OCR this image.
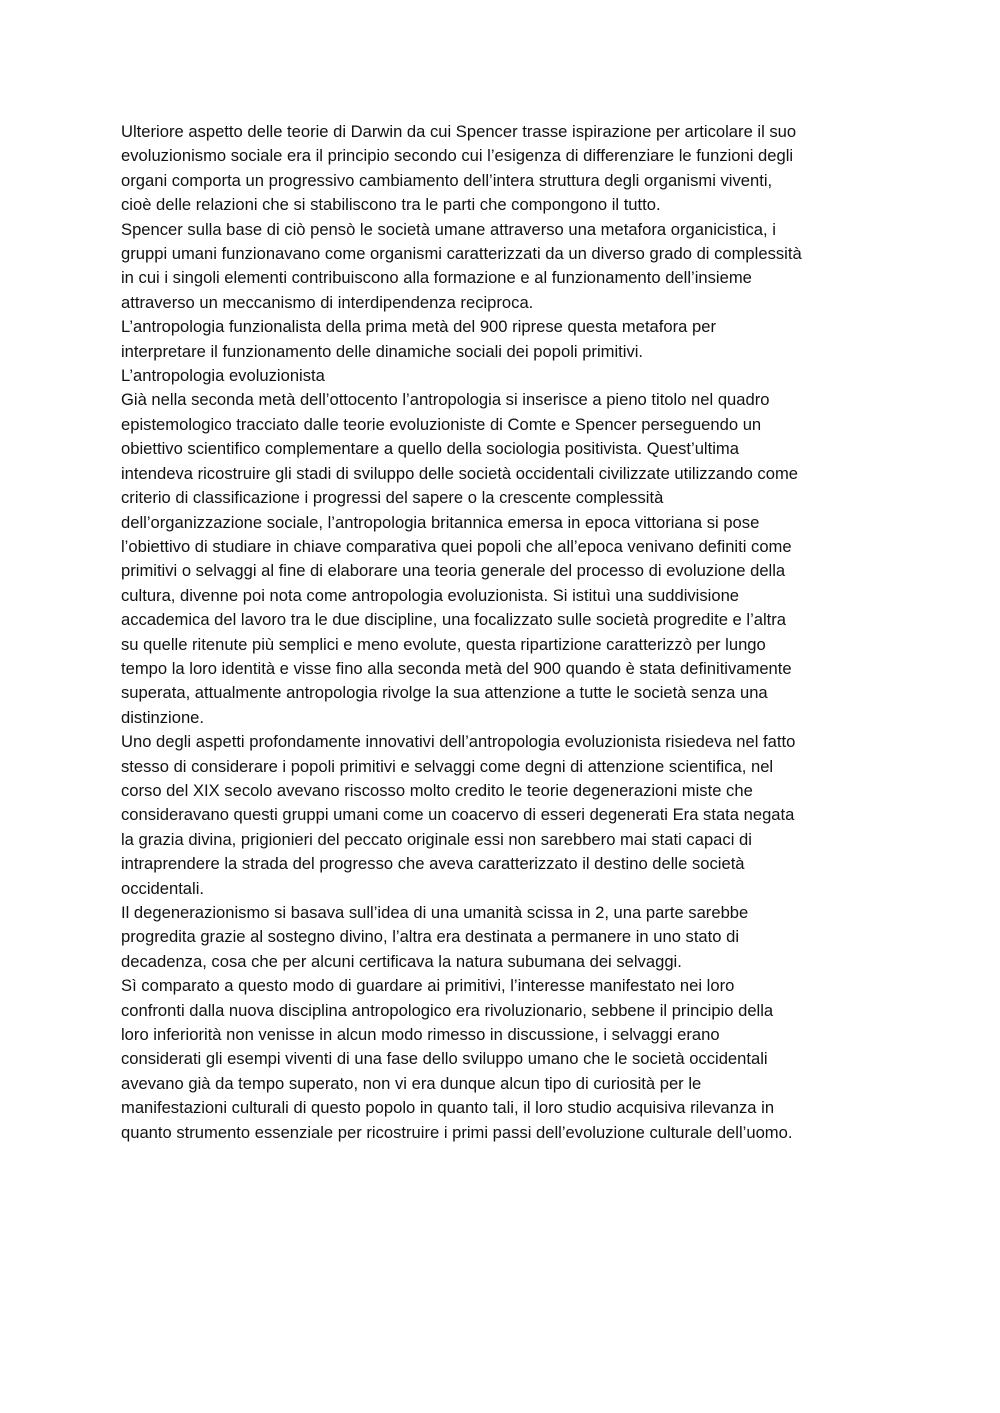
Ulteriore aspetto delle teorie di Darwin da cui Spencer trasse ispirazione per articolare il suo
evoluzionismo sociale era il principio secondo cui l’esigenza di differenziare le funzioni degli
organi comporta un progressivo cambiamento dell’intera struttura degli organismi viventi,
cioè delle relazioni che si stabiliscono tra le parti che compongono il tutto.

Spencer sulla base di ciò pensò le società umane attraverso una metafora organicistica, i
gruppi umani funzionavano come organismi caratterizzati da un diverso grado di complessità
in cui i singoli elementi contribuiscono alla formazione e al funzionamento dell’insieme
attraverso un meccanismo di interdipendenza reciproca.

L’antropologia funzionalista della prima metà del 900 riprese questa metafora per
interpretare il funzionamento delle dinamiche sociali dei popoli primitivi.

L’antropologia evoluzionista
Già nella seconda metà dell’ottocento l’antropologia si inserisce a pieno titolo nel quadro
epistemologico tracciato dalle teorie evoluzioniste di Comte e Spencer perseguendo un
obiettivo scientifico complementare a quello della sociologia positivista. Quest’ultima
intendeva ricostruire gli stadi di sviluppo delle società occidentali civilizzate utilizzando come
criterio di classificazione i progressi del sapere o la crescente complessità
dell’organizzazione sociale, l’antropologia britannica emersa in epoca vittoriana si pose
l’obiettivo di studiare in chiave comparativa quei popoli che all’epoca venivano definiti come
primitivi o selvaggi al fine di elaborare una teoria generale del processo di evoluzione della
cultura, divenne poi nota come antropologia evoluzionista. Si istituì una suddivisione
accademica del lavoro tra le due discipline, una focalizzato sulle società progredite e l’altra
su quelle ritenute più semplici e meno evolute, questa ripartizione caratterizzò per lungo
tempo la loro identità e visse fino alla seconda metà del 900 quando è stata definitivamente
superata, attualmente antropologia rivolge la sua attenzione a tutte le società senza una
distinzione.

Uno degli aspetti profondamente innovativi dell’antropologia evoluzionista risiedeva nel fatto
stesso di considerare i popoli primitivi e selvaggi come degni di attenzione scientifica, nel
corso del XIX secolo avevano riscosso molto credito le teorie degenerazioni miste che
consideravano questi gruppi umani come un coacervo di esseri degenerati Era stata negata
la grazia divina, prigionieri del peccato originale essi non sarebbero mai stati capaci di
intraprendere la strada del progresso che aveva caratterizzato il destino delle società
occidentali.

Il degenerazionismo si basava sull’idea di una umanità scissa in 2, una parte sarebbe
progredita grazie al sostegno divino, l’altra era destinata a permanere in uno stato di
decadenza, cosa che per alcuni certificava la natura subumana dei selvaggi.
Sì comparato a questo modo di guardare ai primitivi, l’interesse manifestato nei loro
confronti dalla nuova disciplina antropologico era rivoluzionario, sebbene il principio della
loro inferiorità non venisse in alcun modo rimesso in discussione, i selvaggi erano
considerati gli esempi viventi di una fase dello sviluppo umano che le società occidentali
avevano già da tempo superato, non vi era dunque alcun tipo di curiosità per le
manifestazioni culturali di questo popolo in quanto tali, il loro studio acquisiva rilevanza in
quanto strumento essenziale per ricostruire i primi passi dell’evoluzione culturale dell’uomo.
